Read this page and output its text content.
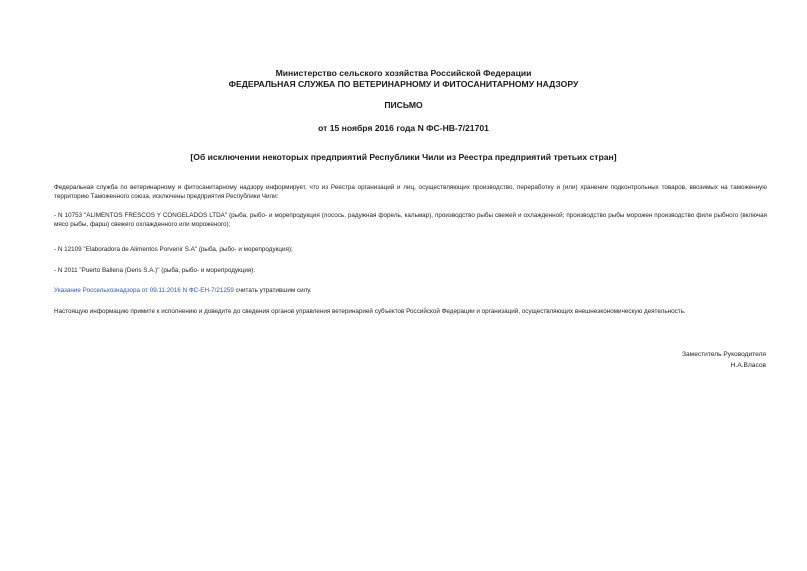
Министерство сельского хозяйства Российской Федерации
ФЕДЕРАЛЬНАЯ СЛУЖБА ПО ВЕТЕРИНАРНОМУ И ФИТОСАНИТАРНОМУ НАДЗОРУ
ПИСЬМО
от 15 ноября 2016 года N ФС-НВ-7/21701
[Об исключении некоторых предприятий Республики Чили из Реестра предприятий третьих стран]
Федеральная служба по ветеринарному и фитосанитарному надзору информирует, что из Реестра организаций и лиц, осуществляющих производство, переработку и (или) хранение подконтрольных товаров, ввозимых на таможенную территорию Таможенного союза, исключены предприятия Республики Чили:
- N 10753 "ALIMENTOS FRESCOS Y CONGELADOS LTDA" (рыба, рыбо- и морепродукция (лосось, радужная форель, кальмар), производство рыбы свежей и охлажденной; производство рыбы морожен производство филе рыбного (включая мясо рыбы, фарш) свежего охлажденного или мороженого);
- N 12109 "Elaboradora de Alimentos Porvenir S.A" (рыба, рыбо- и морепродукция);
- N 2011 "Puerto Ballena (Deris S.A.)" (рыба, рыбо- и морепродукция).
Указание Россельхознадзора от 09.11.2016 N ФС-ЕН-7/21259 считать утратившим силу.
Настоящую информацию примите к исполнению и доведите до сведения органов управления ветеринарией субъектов Российской Федерации и организаций, осуществляющих внешнеэкономическую деятельность.
Заместитель Руководителя
Н.А.Власов
